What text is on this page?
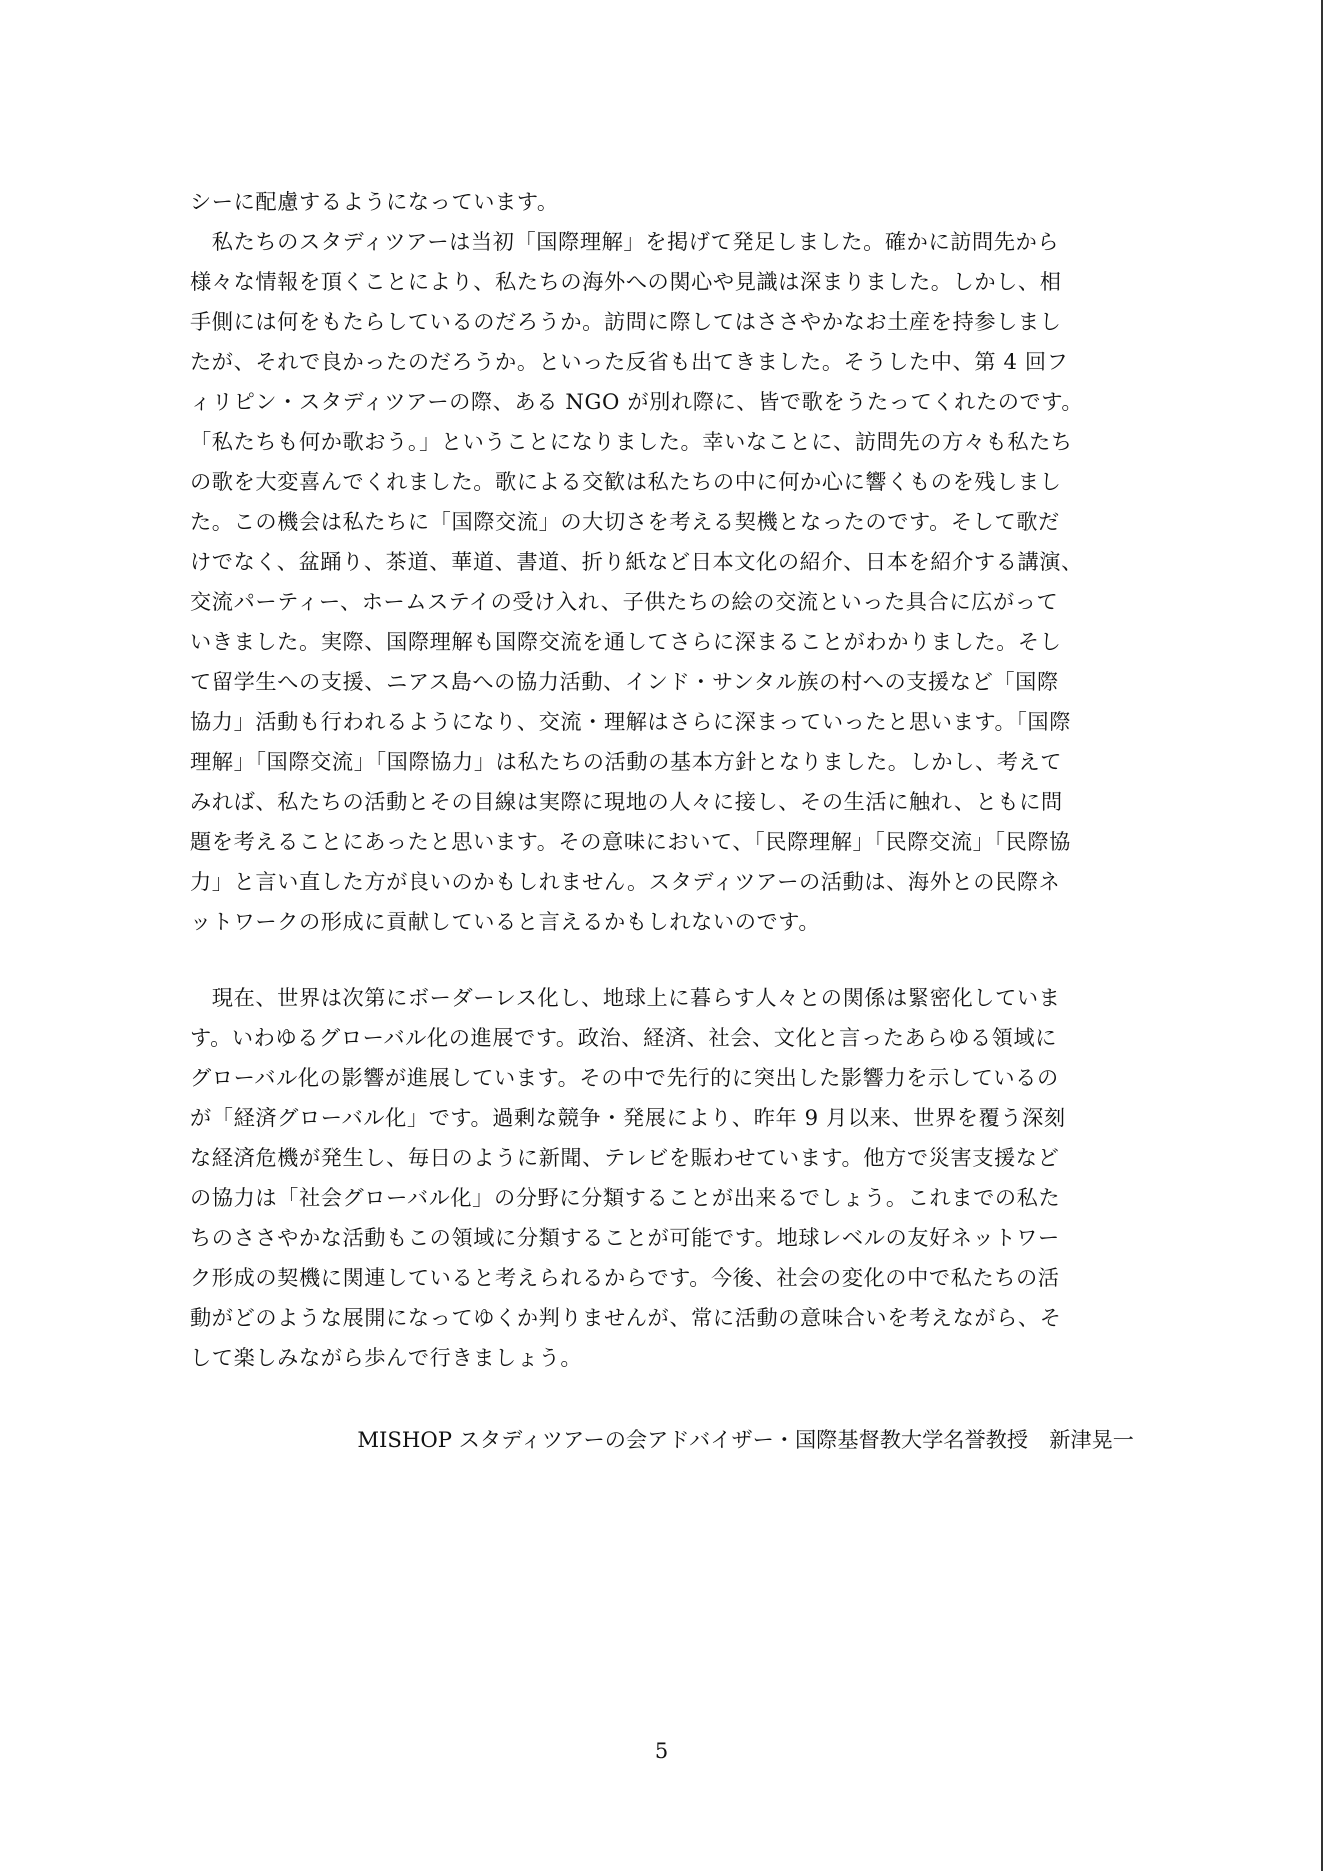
シーに配慮するようになっています。
　私たちのスタディツアーは当初「国際理解」を掲げて発足しました。確かに訪問先から
様々な情報を頂くことにより、私たちの海外への関心や見識は深まりました。しかし、相
手側には何をもたらしているのだろうか。訪問に際してはささやかなお土産を持参しまし
たが、それで良かったのだろうか。といった反省も出てきました。そうした中、第 4 回フ
ィリピン・スタディツアーの際、ある NGO が別れ際に、皆で歌をうたってくれたのです。
「私たちも何か歌おう。」ということになりました。幸いなことに、訪問先の方々も私たち
の歌を大変喜んでくれました。歌による交歓は私たちの中に何か心に響くものを残しまし
た。この機会は私たちに「国際交流」の大切さを考える契機となったのです。そして歌だ
けでなく、盆踊り、茶道、華道、書道、折り紙など日本文化の紹介、日本を紹介する講演、
交流パーティー、ホームステイの受け入れ、子供たちの絵の交流といった具合に広がって
いきました。実際、国際理解も国際交流を通してさらに深まることがわかりました。そし
て留学生への支援、ニアス島への協力活動、インド・サンタル族の村への支援など「国際
協力」活動も行われるようになり、交流・理解はさらに深まっていったと思います。「国際
理解」「国際交流」「国際協力」は私たちの活動の基本方針となりました。しかし、考えて
みれば、私たちの活動とその目線は実際に現地の人々に接し、その生活に触れ、ともに問
題を考えることにあったと思います。その意味において、「民際理解」「民際交流」「民際協
力」と言い直した方が良いのかもしれません。スタディツアーの活動は、海外との民際ネ
ットワークの形成に貢献していると言えるかもしれないのです。
　現在、世界は次第にボーダーレス化し、地球上に暮らす人々との関係は緊密化していま
す。いわゆるグローバル化の進展です。政治、経済、社会、文化と言ったあらゆる領域に
グローバル化の影響が進展しています。その中で先行的に突出した影響力を示しているの
が「経済グローバル化」です。過剰な競争・発展により、昨年 9 月以来、世界を覆う深刻
な経済危機が発生し、毎日のように新聞、テレビを賑わせています。他方で災害支援など
の協力は「社会グローバル化」の分野に分類することが出来るでしょう。これまでの私た
ちのささやかな活動もこの領域に分類することが可能です。地球レベルの友好ネットワー
ク形成の契機に関連していると考えられるからです。今後、社会の変化の中で私たちの活
動がどのような展開になってゆくか判りませんが、常に活動の意味合いを考えながら、そ
して楽しみながら歩んで行きましょう。
MISHOP スタディツアーの会アドバイザー・国際基督教大学名誉教授　新津晃一
5
